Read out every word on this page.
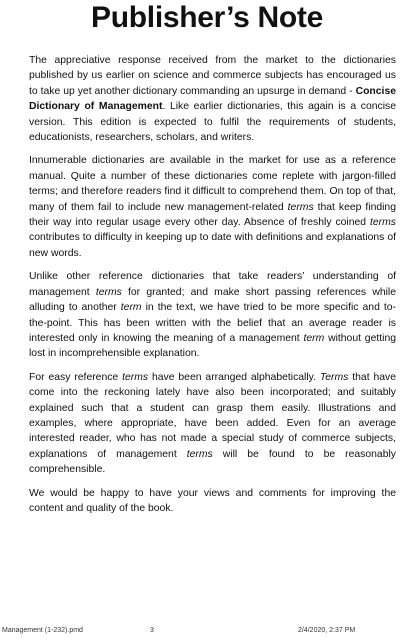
Publisher’s Note

The appreciative response received from the market to the dictionaries published by us earlier on science and commerce subjects has encouraged us to take up yet another dictionary commanding an upsurge in demand - Concise Dictionary of Management. Like earlier dictionaries, this again is a concise version. This edition is expected to fulfil the requirements of students, educationists, researchers, scholars, and writers.

Innumerable dictionaries are available in the market for use as a reference manual. Quite a number of these dictionaries come replete with jargon-filled terms; and therefore readers find it difficult to comprehend them. On top of that, many of them fail to include new management-related terms that keep finding their way into regular usage every other day. Absence of freshly coined terms contributes to difficulty in keeping up to date with definitions and explanations of new words.

Unlike other reference dictionaries that take readers’ understanding of management terms for granted; and make short passing references while alluding to another term in the text, we have tried to be more specific and to-the-point. This has been written with the belief that an average reader is interested only in knowing the meaning of a management term without getting lost in incomprehensible explanation.

For easy reference terms have been arranged alphabetically. Terms that have come into the reckoning lately have also been incorporated; and suitably explained such that a student can grasp them easily. Illustrations and examples, where appropriate, have been added. Even for an average interested reader, who has not made a special study of commerce subjects, explanations of management terms will be found to be reasonably comprehensible.

We would be happy to have your views and comments for improving the content and quality of the book.

Management (1-232).pmd	3	2/4/2020, 2:37 PM
